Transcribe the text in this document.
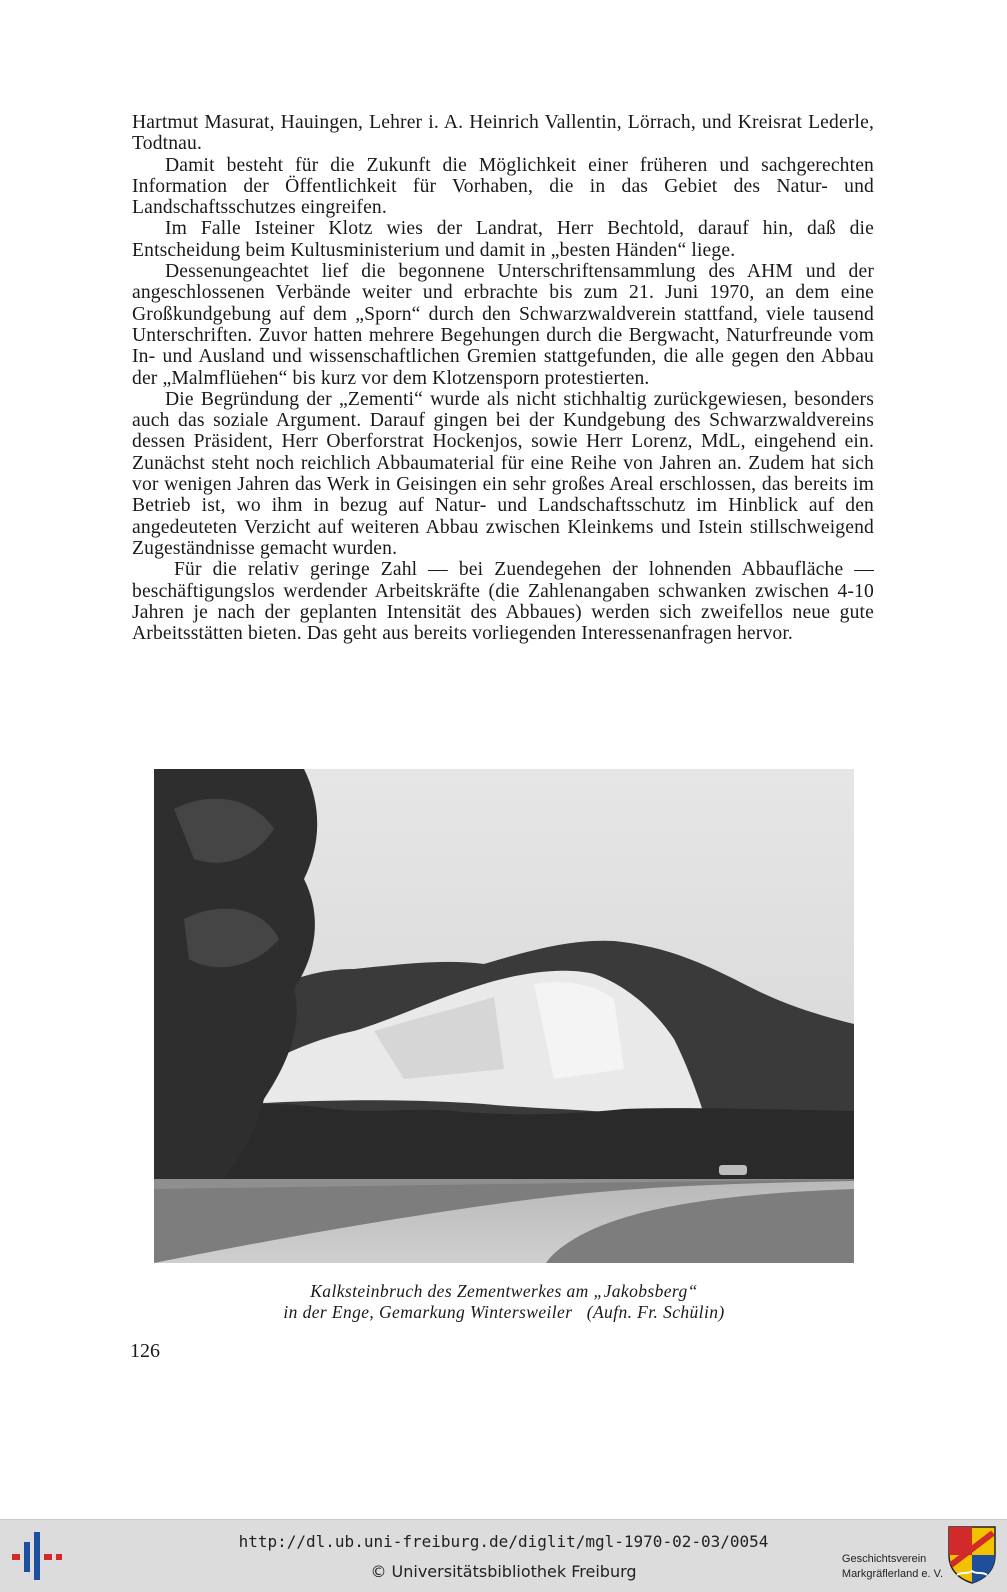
Hartmut Masurat, Hauingen, Lehrer i. A. Heinrich Vallentin, Lörrach, und Kreisrat Lederle, Todtnau.

Damit besteht für die Zukunft die Möglichkeit einer früheren und sachgerechten Information der Öffentlichkeit für Vorhaben, die in das Gebiet des Natur- und Landschaftsschutzes eingreifen.

Im Falle Isteiner Klotz wies der Landrat, Herr Bechtold, darauf hin, daß die Entscheidung beim Kultusministerium und damit in „besten Händen“ liege.

Dessenungeachtet lief die begonnene Unterschriftensammlung des AHM und der angeschlossenen Verbände weiter und erbrachte bis zum 21. Juni 1970, an dem eine Großkundgebung auf dem „Sporn“ durch den Schwarzwaldverein stattfand, viele tausend Unterschriften. Zuvor hatten mehrere Begehungen durch die Bergwacht, Naturfreunde vom In- und Ausland und wissenschaftlichen Gremien stattgefunden, die alle gegen den Abbau der „Malmflüehen“ bis kurz vor dem Klotzensporn protestierten.

Die Begründung der „Zementi“ wurde als nicht stichhaltig zurückgewiesen, besonders auch das soziale Argument. Darauf gingen bei der Kundgebung des Schwarzwaldvereins dessen Präsident, Herr Oberforstrat Hockenjos, sowie Herr Lorenz, MdL, eingehend ein. Zunächst steht noch reichlich Abbaumaterial für eine Reihe von Jahren an. Zudem hat sich vor wenigen Jahren das Werk in Geisingen ein sehr großes Areal erschlossen, das bereits im Betrieb ist, wo ihm in bezug auf Natur- und Landschaftsschutz im Hinblick auf den angedeuteten Verzicht auf weiteren Abbau zwischen Kleinkems und Istein stillschweigend Zugeständnisse gemacht wurden.

Für die relativ geringe Zahl — bei Zuendegehen der lohnenden Abbaufläche — beschäftigungslos werdender Arbeitskräfte (die Zahlenangaben schwanken zwischen 4-10 Jahren je nach der geplanten Intensität des Abbaues) werden sich zweifellos neue gute Arbeitsstätten bieten. Das geht aus bereits vorliegenden Interessenanfragen hervor.

Kalksteinbruch des Zementwerkes am „Jakobsberg“
in der Enge, Gemarkung Wintersweiler   (Aufn. Fr. Schülin)
126
http://dl.ub.uni-freiburg.de/diglit/mgl-1970-02-03/0054
© Universitätsbibliothek Freiburg
Geschichtsverein
Markgräflerland e. V.
